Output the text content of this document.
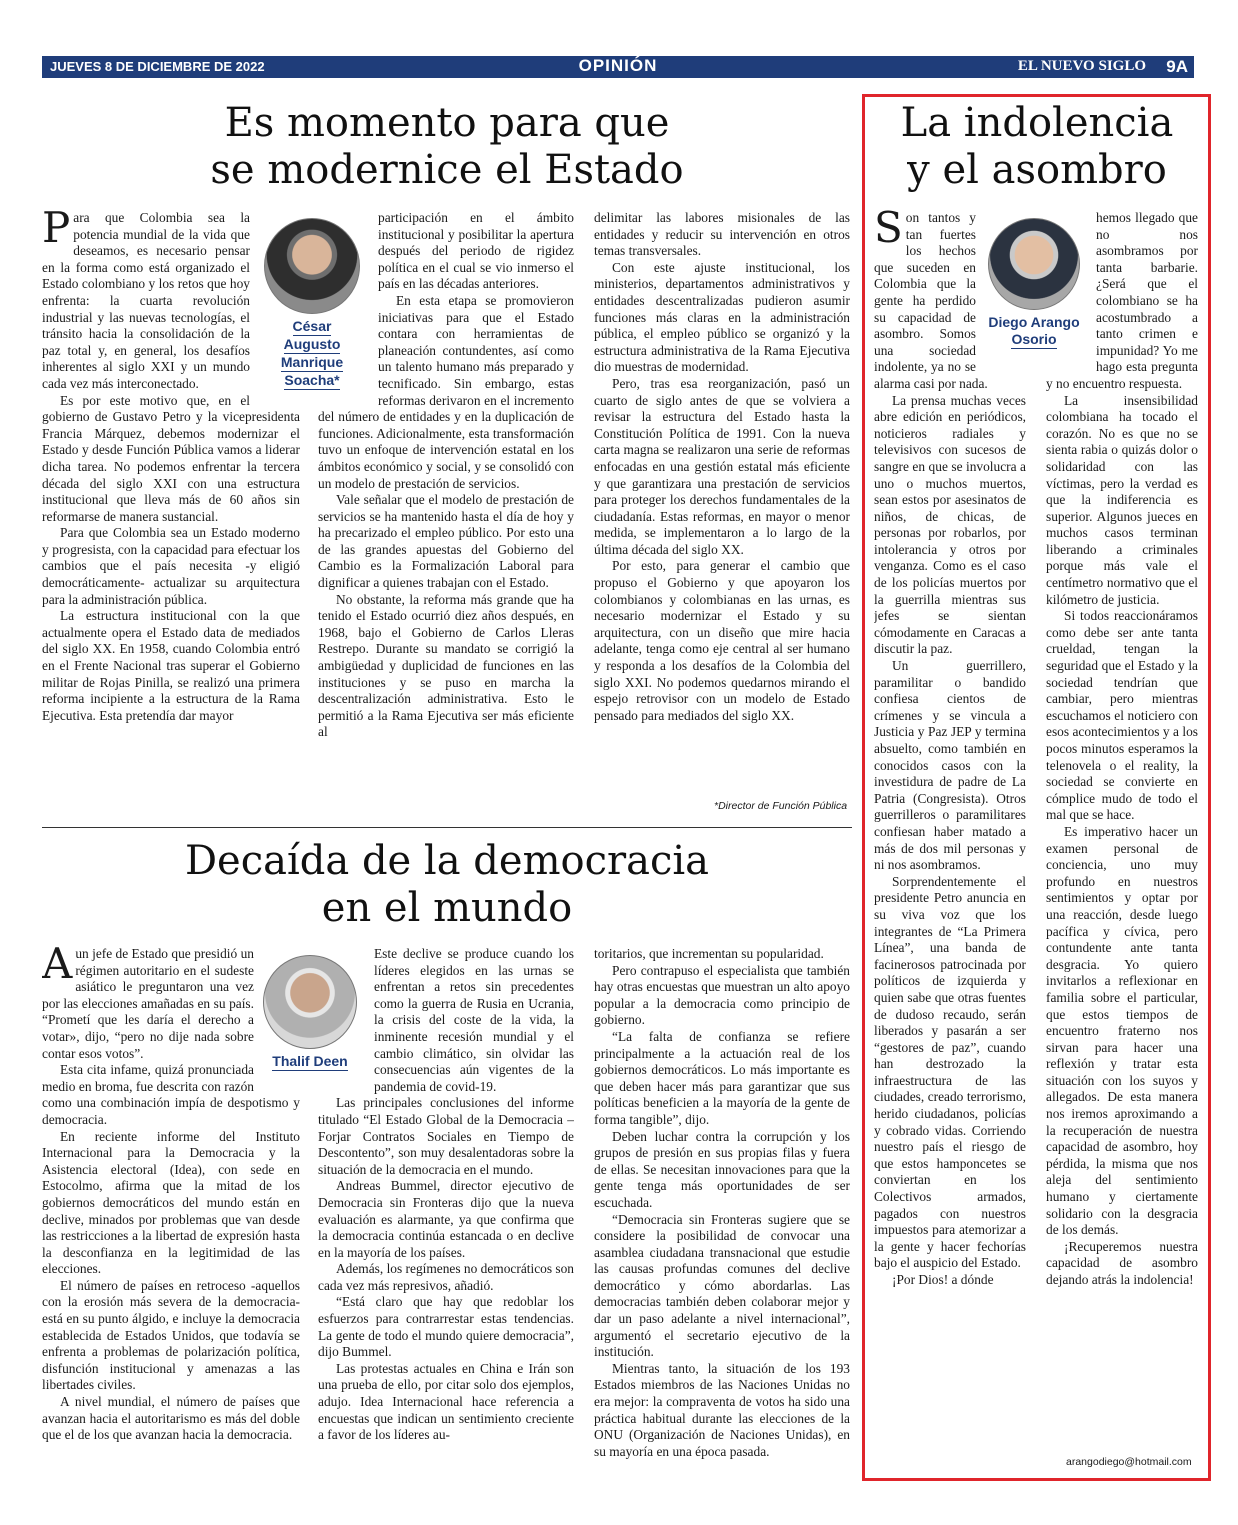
JUEVES 8 DE DICIEMBRE DE 2022	OPINIÓN	EL NUEVO SIGLO 9A
Es momento para que
se modernice el Estado
César
Augusto
Manrique
Soacha*

Para que Colombia sea la potencia mundial de la vida que deseamos, es necesario pensar en la forma como está organizado el Estado colombiano y los retos que hoy enfrenta: la cuarta revolución industrial y las nuevas tecnologías, el tránsito hacia la consolidación de la paz total y, en general, los desafíos inherentes al siglo XXI y un mundo cada vez más interconectado.

Es por este motivo que, en el gobierno de Gustavo Petro y la vicepresidenta Francia Márquez, debemos modernizar el Estado y desde Función Pública vamos a liderar dicha tarea. No podemos enfrentar la tercera década del siglo XXI con una estructura institucional que lleva más de 60 años sin reformarse de manera sustancial.

Para que Colombia sea un Estado moderno y progresista, con la capacidad para efectuar los cambios que el país necesita -y eligió democráticamente- actualizar su arquitectura para la administración pública.

La estructura institucional con la que actualmente opera el Estado data de mediados del siglo XX. En 1958, cuando Colombia entró en el Frente Nacional tras superar el Gobierno militar de Rojas Pinilla, se realizó una primera reforma incipiente a la estructura de la Rama Ejecutiva. Esta pretendía dar mayor

participación en el ámbito institucional y posibilitar la apertura después del periodo de rigidez política en el cual se vio inmerso el país en las décadas anteriores.

En esta etapa se promovieron iniciativas para que el Estado contara con herramientas de planeación contundentes, así como un talento humano más preparado y tecnificado. Sin embargo, estas reformas derivaron en el incremento del número de entidades y en la duplicación de funciones. Adicionalmente, esta transformación tuvo un enfoque de intervención estatal en los ámbitos económico y social, y se consolidó con un modelo de prestación de servicios.

Vale señalar que el modelo de prestación de servicios se ha mantenido hasta el día de hoy y ha precarizado el empleo público. Por esto una de las grandes apuestas del Gobierno del Cambio es la Formalización Laboral para dignificar a quienes trabajan con el Estado.

No obstante, la reforma más grande que ha tenido el Estado ocurrió diez años después, en 1968, bajo el Gobierno de Carlos Lleras Restrepo. Durante su mandato se corrigió la ambigüedad y duplicidad de funciones en las instituciones y se puso en marcha la descentralización administrativa. Esto le permitió a la Rama Ejecutiva ser más eficiente al

delimitar las labores misionales de las entidades y reducir su intervención en otros temas transversales.

Con este ajuste institucional, los ministerios, departamentos administrativos y entidades descentralizadas pudieron asumir funciones más claras en la administración pública, el empleo público se organizó y la estructura administrativa de la Rama Ejecutiva dio muestras de modernidad.

Pero, tras esa reorganización, pasó un cuarto de siglo antes de que se volviera a revisar la estructura del Estado hasta la Constitución Política de 1991. Con la nueva carta magna se realizaron una serie de reformas enfocadas en una gestión estatal más eficiente y que garantizara una prestación de servicios para proteger los derechos fundamentales de la ciudadanía. Estas reformas, en mayor o menor medida, se implementaron a lo largo de la última década del siglo XX.

Por esto, para generar el cambio que propuso el Gobierno y que apoyaron los colombianos y colombianas en las urnas, es necesario modernizar el Estado y su arquitectura, con un diseño que mire hacia adelante, tenga como eje central al ser humano y responda a los desafíos de la Colombia del siglo XXI. No podemos quedarnos mirando el espejo retrovisor con un modelo de Estado pensado para mediados del siglo XX.

*Director de Función Pública
Decaída de la democracia
en el mundo
Thalif Deen

Aun jefe de Estado que presidió un régimen autoritario en el sudeste asiático le preguntaron una vez por las elecciones amañadas en su país. “Prometí que les daría el derecho a votar», dijo, “pero no dije nada sobre contar esos votos”.

Esta cita infame, quizá pronunciada medio en broma, fue descrita con razón como una combinación impía de despotismo y democracia.

En reciente informe del Instituto Internacional para la Democracia y la Asistencia electoral (Idea), con sede en Estocolmo, afirma que la mitad de los gobiernos democráticos del mundo están en declive, minados por problemas que van desde las restricciones a la libertad de expresión hasta la desconfianza en la legitimidad de las elecciones.

El número de países en retroceso -aquellos con la erosión más severa de la democracia- está en su punto álgido, e incluye la democracia establecida de Estados Unidos, que todavía se enfrenta a problemas de polarización política, disfunción institucional y amenazas a las libertades civiles.

A nivel mundial, el número de países que avanzan hacia el autoritarismo es más del doble que el de los que avanzan hacia la democracia.

Este declive se produce cuando los líderes elegidos en las urnas se enfrentan a retos sin precedentes como la guerra de Rusia en Ucrania, la crisis del coste de la vida, la inminente recesión mundial y el cambio climático, sin olvidar las consecuencias aún vigentes de la pandemia de covid-19.

Las principales conclusiones del informe titulado “El Estado Global de la Democracia –Forjar Contratos Sociales en Tiempo de Descontento”, son muy desalentadoras sobre la situación de la democracia en el mundo.

Andreas Bummel, director ejecutivo de Democracia sin Fronteras dijo que la nueva evaluación es alarmante, ya que confirma que la democracia continúa estancada o en declive en la mayoría de los países.

Además, los regímenes no democráticos son cada vez más represivos, añadió.

“Está claro que hay que redoblar los esfuerzos para contrarrestar estas tendencias. La gente de todo el mundo quiere democracia”, dijo Bummel.

Las protestas actuales en China e Irán son una prueba de ello, por citar solo dos ejemplos, adujo. Idea Internacional hace referencia a encuestas que indican un sentimiento creciente a favor de los líderes au-

toritarios, que incrementan su popularidad.

Pero contrapuso el especialista que también hay otras encuestas que muestran un alto apoyo popular a la democracia como principio de gobierno.

“La falta de confianza se refiere principalmente a la actuación real de los gobiernos democráticos. Lo más importante es que deben hacer más para garantizar que sus políticas beneficien a la mayoría de la gente de forma tangible”, dijo.

Deben luchar contra la corrupción y los grupos de presión en sus propias filas y fuera de ellas. Se necesitan innovaciones para que la gente tenga más oportunidades de ser escuchada.

“Democracia sin Fronteras sugiere que se considere la posibilidad de convocar una asamblea ciudadana transnacional que estudie las causas profundas comunes del declive democrático y cómo abordarlas. Las democracias también deben colaborar mejor y dar un paso adelante a nivel internacional”, argumentó el secretario ejecutivo de la institución.

Mientras tanto, la situación de los 193 Estados miembros de las Naciones Unidas no era mejor: la compraventa de votos ha sido una práctica habitual durante las elecciones de la ONU (Organización de Naciones Unidas), en su mayoría en una época pasada.

La indolencia
y el asombro
Diego Arango
Osorio

Son tantos y tan fuertes los hechos que suceden en Colombia que la gente ha perdido su capacidad de asombro. Somos una sociedad indolente, ya no se alarma casi por nada.

La prensa muchas veces abre edición en periódicos, noticieros radiales y televisivos con sucesos de sangre en que se involucra a uno o muchos muertos, sean estos por asesinatos de niños, de chicas, de personas por robarlos, por intolerancia y otros por venganza. Como es el caso de los policías muertos por la guerrilla mientras sus jefes se sientan cómodamente en Caracas a discutir la paz.

Un guerrillero, paramilitar o bandido confiesa cientos de crímenes y se vincula a Justicia y Paz JEP y termina absuelto, como también en conocidos casos con la investidura de padre de La Patria (Congresista). Otros guerrilleros o paramilitares confiesan haber matado a más de dos mil personas y ni nos asombramos.

Sorprendentemente el presidente Petro anuncia en su viva voz que los integrantes de “La Primera Línea”, una banda de facinerosos patrocinada por políticos de izquierda y quien sabe que otras fuentes de dudoso recaudo, serán liberados y pasarán a ser “gestores de paz”, cuando han destrozado la infraestructura de las ciudades, creado terrorismo, herido ciudadanos, policías y cobrado vidas. Corriendo nuestro país el riesgo de que estos hamponcetes se conviertan en los Colectivos armados, pagados con nuestros impuestos para atemorizar a la gente y hacer fechorías bajo el auspicio del Estado.

¡Por Dios! a dónde

hemos llegado que no nos asombramos por tanta barbarie. ¿Será que el colombiano se ha acostumbrado a tanto crimen e impunidad? Yo me hago esta pregunta y no encuentro respuesta.

La insensibilidad colombiana ha tocado el corazón. No es que no se sienta rabia o quizás dolor o solidaridad con las víctimas, pero la verdad es que la indiferencia es superior. Algunos jueces en muchos casos terminan liberando a criminales porque más vale el centímetro normativo que el kilómetro de justicia.

Si todos reaccionáramos como debe ser ante tanta crueldad, tengan la seguridad que el Estado y la sociedad tendrían que cambiar, pero mientras escuchamos el noticiero con esos acontecimientos y a los pocos minutos esperamos la telenovela o el reality, la sociedad se convierte en cómplice mudo de todo el mal que se hace.

Es imperativo hacer un examen personal de conciencia, uno muy profundo en nuestros sentimientos y optar por una reacción, desde luego pacífica y cívica, pero contundente ante tanta desgracia. Yo quiero invitarlos a reflexionar en familia sobre el particular, que estos tiempos de encuentro fraterno nos sirvan para hacer una reflexión y tratar esta situación con los suyos y allegados. De esta manera nos iremos aproximando a la recuperación de nuestra capacidad de asombro, hoy pérdida, la misma que nos aleja del sentimiento humano y ciertamente solidario con la desgracia de los demás.

¡Recuperemos nuestra capacidad de asombro dejando atrás la indolencia!

arangodiego@hotmail.com
